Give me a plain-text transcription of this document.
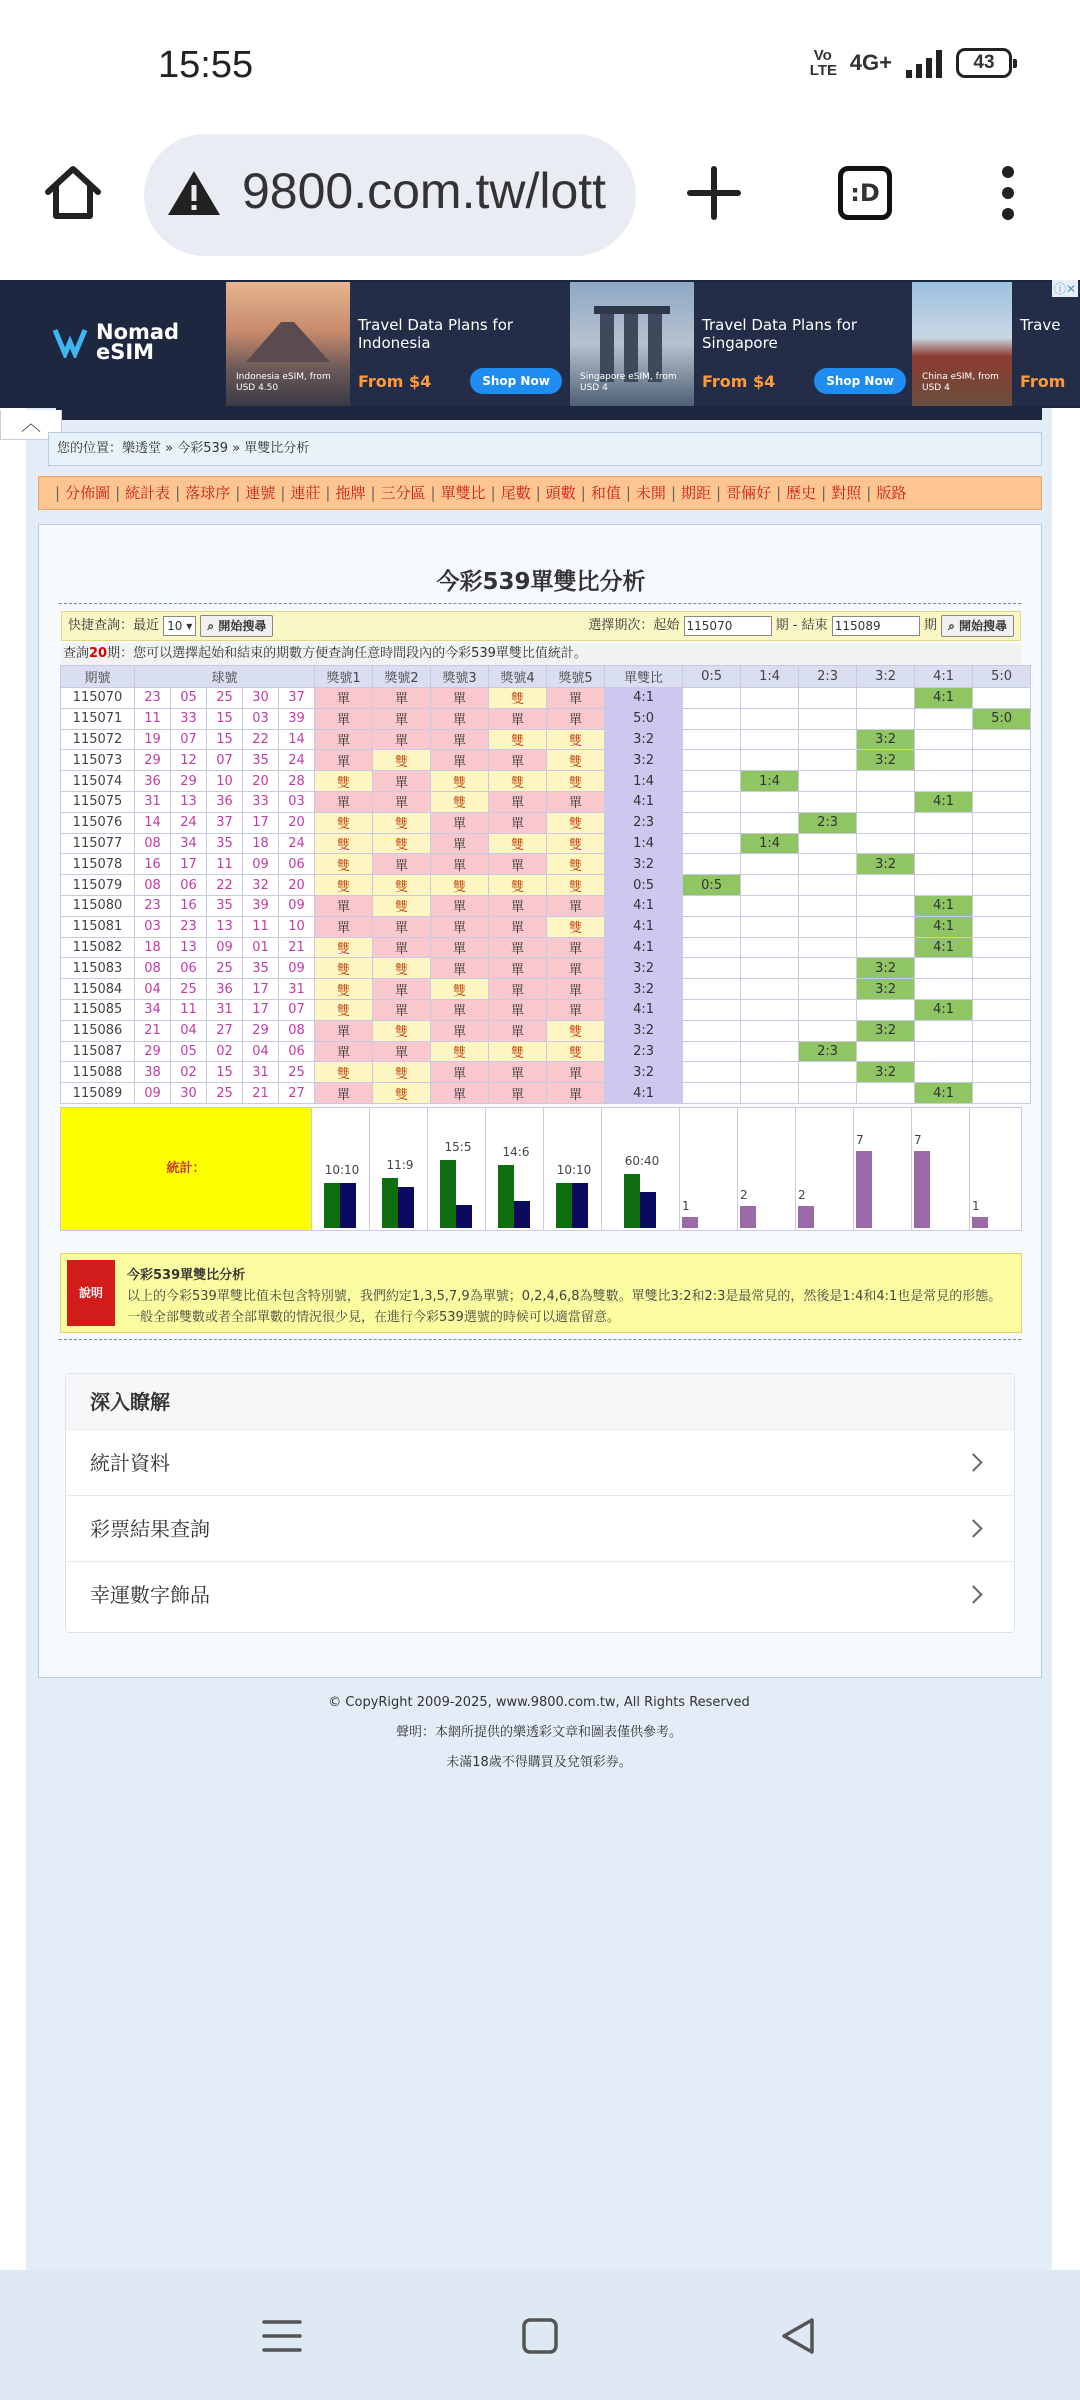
15:55	Vo LTE 4G+	43
9800.com.tw/lott	:D
Nomad eSIM
Indonesia eSIM, from USD 4.50
Travel Data Plans for Indonesia
From $4	Shop Now	Singapore eSIM, from USD 4
Travel Data Plans for Singapore
From $4	Shop Now	China eSIM, from USD 4
Trave
From
ⓘ✕
︿
您的位置：樂透堂 » 今彩539 » 單雙比分析
| 分佈圖 | 統計表 | 落球序 | 連號 | 連莊 | 拖牌 | 三分區 | 單雙比 | 尾數 | 頭數 | 和值 | 未開 | 期距 | 哥倆好 | 歷史 | 對照 | 版路
今彩539單雙比分析
快捷查詢：最近 10 ▾ ⌕ 開始搜尋	選擇期次：起始 115070	期 - 結束 115089	期 ⌕ 開始搜尋
查詢20期：您可以選擇起始和結束的期數方便查詢任意時間段內的今彩539單雙比值統計。
期號	球號					獎號1	獎號2	獎號3	獎號4	獎號5	單雙比	0:5	1:4	2:3	3:2	4:1	5:0
115070	23	05	25	30	37	單	單	單	雙	單	4:1					4:1	
115071	11	33	15	03	39	單	單	單	單	單	5:0						5:0
115072	19	07	15	22	14	單	單	單	雙	雙	3:2				3:2		
115073	29	12	07	35	24	單	雙	單	單	雙	3:2				3:2		
115074	36	29	10	20	28	雙	單	雙	雙	雙	1:4		1:4				
115075	31	13	36	33	03	單	單	雙	單	單	4:1					4:1	
115076	14	24	37	17	20	雙	雙	單	單	雙	2:3			2:3			
115077	08	34	35	18	24	雙	雙	單	雙	雙	1:4		1:4				
115078	16	17	11	09	06	雙	單	單	單	雙	3:2				3:2		
115079	08	06	22	32	20	雙	雙	雙	雙	雙	0:5	0:5					
115080	23	16	35	39	09	單	雙	單	單	單	4:1					4:1	
115081	03	23	13	11	10	單	單	單	單	雙	4:1					4:1	
115082	18	13	09	01	21	雙	單	單	單	單	4:1					4:1	
115083	08	06	25	35	09	雙	雙	單	單	單	3:2				3:2		
115084	04	25	36	17	31	雙	單	雙	單	單	3:2				3:2		
115085	34	11	31	17	07	雙	單	單	單	單	4:1					4:1	
115086	21	04	27	29	08	單	雙	單	單	雙	3:2				3:2		
115087	29	05	02	04	06	單	單	雙	雙	雙	2:3			2:3			
115088	38	02	15	31	25	雙	雙	單	單	單	3:2				3:2		
115089	09	30	25	21	27	單	雙	單	單	單	4:1					4:1	
統計：	10:10	11:9
15:5	14:6
10:10
60:40
1
2	2
7	7
1
說明
今彩539單雙比分析
以上的今彩539單雙比值未包含特別號，我們約定1,3,5,7,9為單號；0,2,4,6,8為雙數。單雙比3:2和2:3是最常見的，然後是1:4和4:1也是常見的形態。一般全部雙數或者全部單數的情況很少見，在進行今彩539選號的時候可以適當留意。
深入瞭解
統計資料
彩票結果查詢
幸運數字飾品
© CopyRight 2009-2025, www.9800.com.tw, All Rights Reserved
聲明：本網所提供的樂透彩文章和圖表僅供參考。
未滿18歲不得購買及兌領彩券。
